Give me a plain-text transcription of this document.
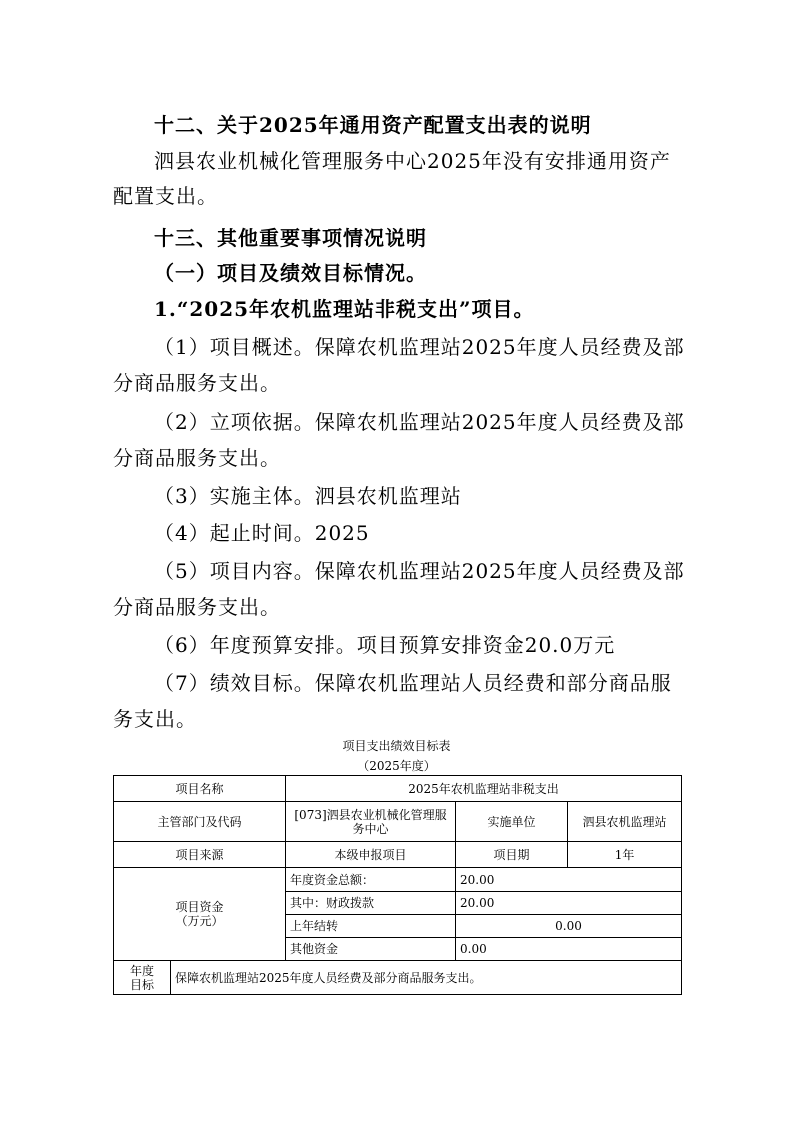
十二、关于2025年通用资产配置支出表的说明
泗县农业机械化管理服务中心2025年没有安排通用资产
配置支出。
十三、其他重要事项情况说明
（一）项目及绩效目标情况。
1.“2025年农机监理站非税支出”项目。
（1）项目概述。保障农机监理站2025年度人员经费及部
分商品服务支出。
（2）立项依据。保障农机监理站2025年度人员经费及部
分商品服务支出。
（3）实施主体。泗县农机监理站
（4）起止时间。2025
（5）项目内容。保障农机监理站2025年度人员经费及部
分商品服务支出。
（6）年度预算安排。项目预算安排资金20.0万元
（7）绩效目标。保障农机监理站人员经费和部分商品服
务支出。
项目支出绩效目标表
（2025年度）
项目名称		2025年农机监理站非税支出		
主管部门及代码		[073]泗县农业机械化管理服务中心	实施单位	泗县农机监理站
项目来源		本级申报项目	项目期	1年

项目资金
（万元）		年度资金总额：	20.00	
		其中：财政拨款	20.00	
		上年结转	0.00	
		其他资金	0.00	

年度
目标	保障农机监理站2025年度人员经费及部分商品服务支出。			
